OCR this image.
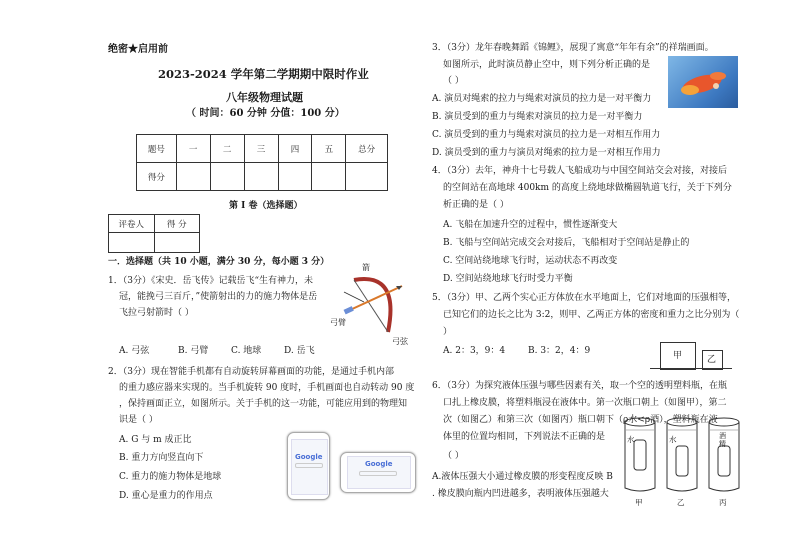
绝密★启用前
2023-2024 学年第二学期期中限时作业
八年级物理试题
（ 时间：60 分钟 分值：100 分）
题号	一	二	三	四	五	总分
得分						
第 I 卷（选择题）
评卷人	得 分

一．选择题（共 10 小题，满分 30 分，每小题 3 分）
1．（3分）《宋史．岳飞传》记载岳飞“生有神力，未
冠，能挽弓三百斤，”使箭射出的力的施力物体是岳
飞拉弓射箭时（ ）
A. 弓弦	B. 弓臂	C. 地球	D. 岳飞
箭
弓臂
弓弦
2．（3分）现在智能手机都有自动旋转屏幕画面的功能，是通过手机内部
的重力感应器来实现的。当手机旋转 90 度时，手机画面也自动转动 90 度
，保持画面正立，如图所示。关于手机的这一功能，可能应用到的物理知
识是（ ）
A. G 与 m 成正比
B. 重力方向竖直向下
C. 重力的施力物体是地球
D. 重心是重力的作用点
Google
Google
3．（3分）龙年春晚舞蹈《锦鲤》，展现了寓意“年年有余”的祥瑞画面。
如图所示，此时演员静止空中，则下列分析正确的是
（ ）
A. 演员对绳索的拉力与绳索对演员的拉力是一对平衡力
B. 演员受到的重力与绳索对演员的拉力是一对平衡力
C. 演员受到的重力与绳索对演员的拉力是一对相互作用力
D. 演员受到的重力与演员对绳索的拉力是一对相互作用力
4．（3分）去年，神舟十七号载人飞船成功与中国空间站交会对接，对接后
的空间站在高地球 400km 的高度上绕地球做椭圆轨道飞行，关于下列分
析正确的是（ ）
A. 飞船在加速升空的过程中，惯性逐渐变大
B. 飞船与空间站完成交会对接后，飞船相对于空间站是静止的
C. 空间站绕地球飞行时，运动状态不再改变
D. 空间站绕地球飞行时受力平衡
5．（3分）甲、乙两个实心正方体放在水平地面上，它们对地面的压强相等，
已知它们的边长之比为 3:2，则甲、乙两正方体的密度和重力之比分别为（
）
A. 2：3，9：4	B. 3：2，4：9	甲	乙
6．（3分）为探究液体压强与哪些因素有关，取一个空的透明塑料瓶，在瓶
口扎上橡皮膜，将塑料瓶浸在液体中。第一次瓶口朝上（如图甲），第二
次（如图乙）和第三次（如图丙）瓶口朝下（ρ水<ρ酒），塑料瓶在液
体里的位置均相同，下列说法不正确的是
（ ）
A.液体压强大小通过橡皮膜的形变程度反映 B
. 橡皮膜向瓶内凹进越多，表明液体压强越大
水	水	酒精
甲	乙	丙
